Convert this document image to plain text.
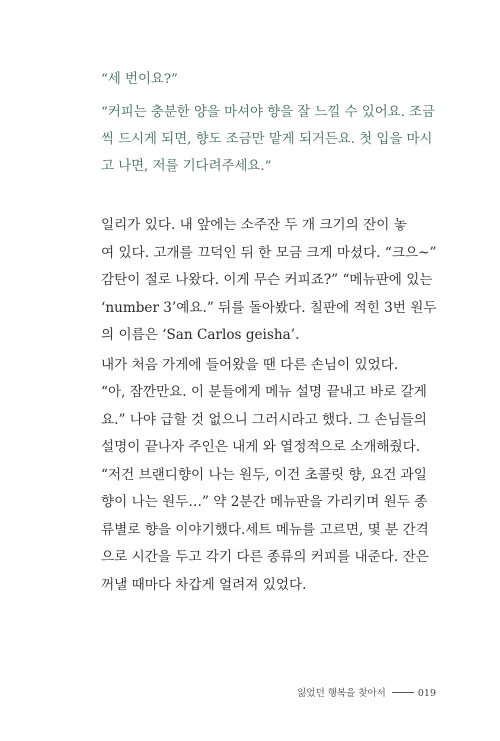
“세 번이요?”

“커피는 충분한 양을 마셔야 향을 잘 느낄 수 있어요. 조금

씩 드시게 되면, 향도 조금만 맡게 되거든요. 첫 입을 마시

고 나면, 저를 기다려주세요.”

일리가 있다. 내 앞에는 소주잔 두 개 크기의 잔이 놓

여 있다. 고개를 끄덕인 뒤 한 모금 크게 마셨다. “크으~”

감탄이 절로 나왔다. 이게 무슨 커피죠?” “메뉴판에 있는

‘number 3’예요.” 뒤를 돌아봤다. 칠판에 적힌 3번 원두

의 이름은 ‘San Carlos geisha’.

내가 처음 가게에 들어왔을 땐 다른 손님이 있었다.

“아, 잠깐만요. 이 분들에게 메뉴 설명 끝내고 바로 갈게

요.” 나야 급할 것 없으니 그러시라고 했다. 그 손님들의

설명이 끝나자 주인은 내게 와 열정적으로 소개해줬다.

“저건 브랜디향이 나는 원두, 이건 초콜릿 향, 요건 과일

향이 나는 원두…” 약 2분간 메뉴판을 가리키며 원두 종

류별로 향을 이야기했다.세트 메뉴를 고르면, 몇 분 간격

으로 시간을 두고 각기 다른 종류의 커피를 내준다. 잔은

꺼낼 때마다 차갑게 얼려져 있었다.

잃었던 행복을 찾아서	019
